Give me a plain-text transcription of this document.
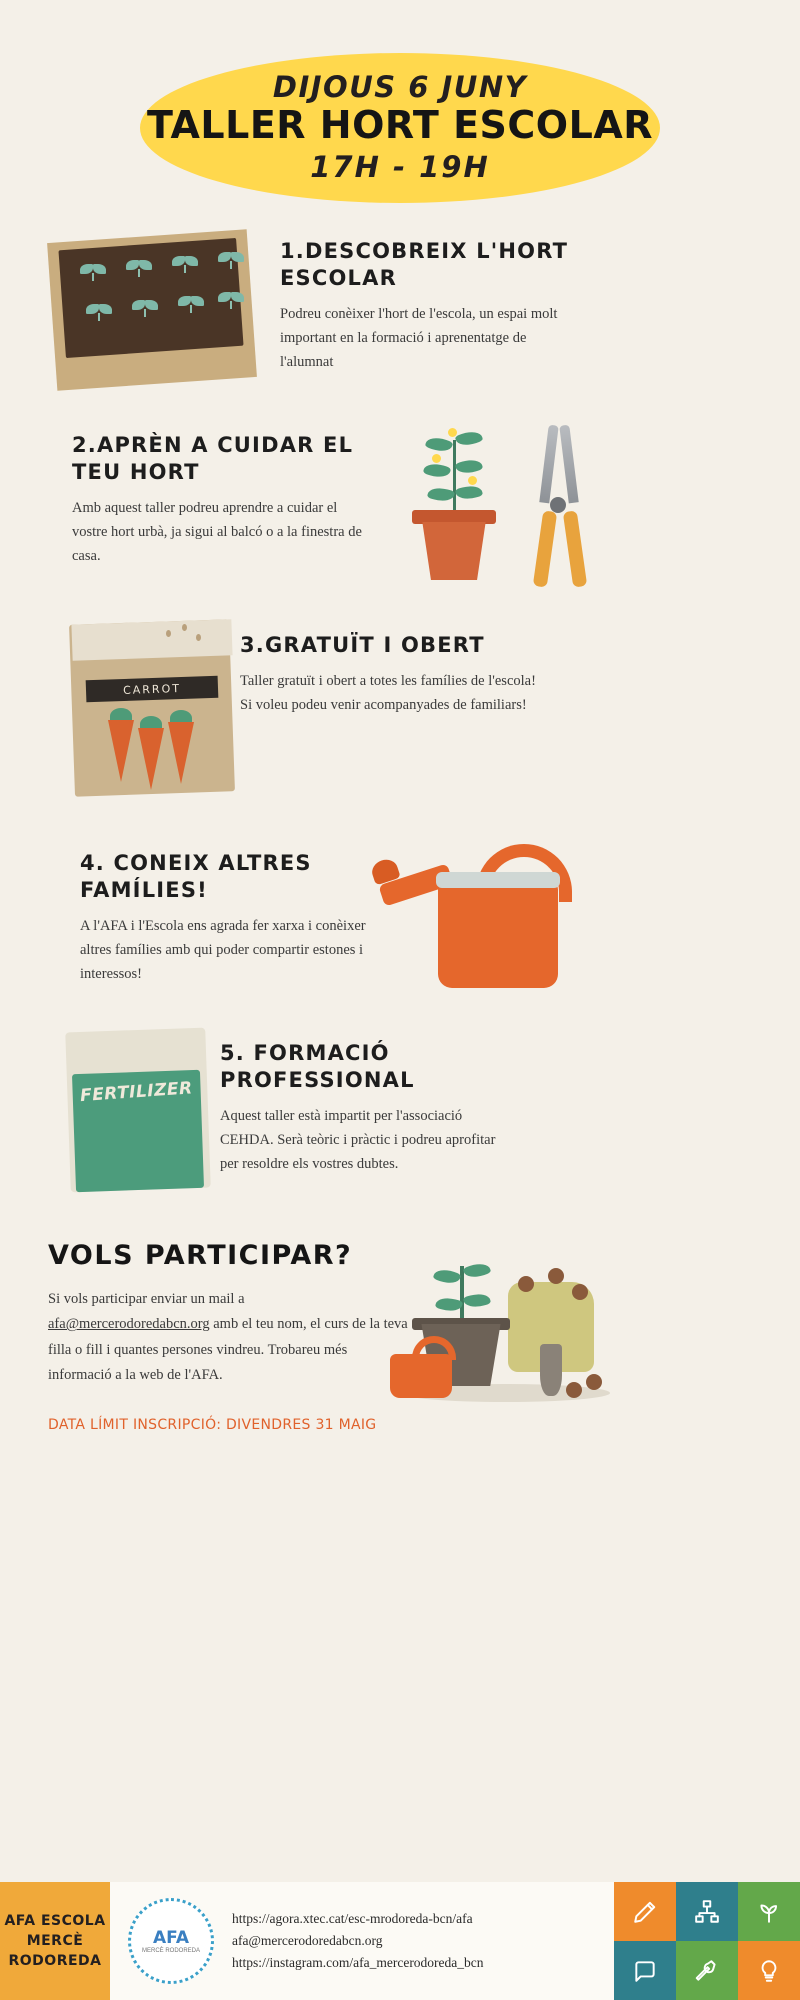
DIJOUS 6 JUNY
TALLER HORT ESCOLAR
17H - 19H
1.DESCOBREIX L'HORT ESCOLAR
Podreu conèixer l'hort de l'escola, un espai molt important en la formació i aprenentatge de l'alumnat
2.APRÈN A CUIDAR EL TEU HORT
Amb aquest taller podreu aprendre a cuidar el vostre hort urbà, ja sigui al balcó o a la finestra de casa.
CARROT
3.GRATUÏT I OBERT
Taller gratuït i obert a totes les famílies de l'escola! Si voleu podeu venir acompanyades de familiars!
4. CONEIX ALTRES FAMÍLIES!
A l'AFA i l'Escola ens agrada fer xarxa i conèixer altres famílies amb qui poder compartir estones i interessos!
FERTILIZER
5. FORMACIÓ PROFESSIONAL
Aquest taller està impartit per l'associació CEHDA. Serà teòric i pràctic i podreu aprofitar per resoldre els vostres dubtes.
VOLS PARTICIPAR?
Si vols participar enviar un mail a afa@mercerodoredabcn.org amb el teu nom, el curs de la teva filla o fill i quantes persones vindreu. Trobareu més informació a la web de l'AFA.
DATA LÍMIT INSCRIPCIÓ: DIVENDRES 31 MAIG
AFA ESCOLA MERCÈ RODOREDA
AFA
MERCÈ RODOREDA
https://agora.xtec.cat/esc-mrodoreda-bcn/afa
afa@mercerodoredabcn.org
https://instagram.com/afa_mercerodoreda_bcn
